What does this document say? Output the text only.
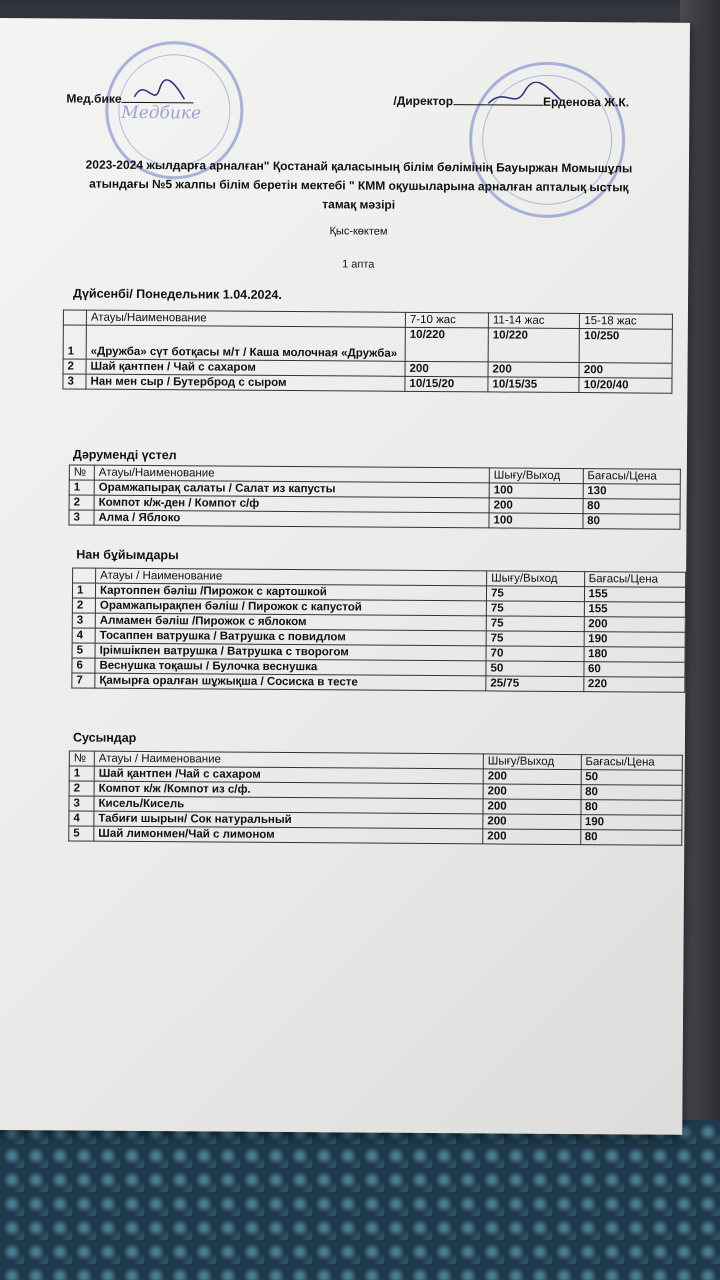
Медбике
Мед.бике	/Директор	Ерденова Ж.К.
2023-2024 жылдарға арналған" Қостанай қаласының білім бөлімінің Бауыржан Момышұлы атындағы №5 жалпы білім беретін мектебі " КММ оқушыларына арналған апталық ыстық тамақ мәзірі
Қыс-көктем
1 апта
Дүйсенбі/ Понедельник 1.04.2024.
	Атауы/Наименование	7-10 жас	11-14 жас	15-18 жас
1	«Дружба» сүт ботқасы м/т / Каша молочная «Дружба»	10/220	10/220	10/250
2	Шай қантпен / Чай с сахаром	200	200	200
3	Нан мен сыр / Бутерброд с сыром	10/15/20	10/15/35	10/20/40
Дәрумендi үстел
№	Атауы/Наименование	Шығу/Выход	Бағасы/Цена
1	Орамжапырақ салаты / Салат из капусты	100	130
2	Компот к/ж-ден / Компот с/ф	200	80
3	Алма / Яблоко	100	80
Нан бұйымдары
	Атауы / Наименование	Шығу/Выход	Бағасы/Цена
1	Картоппен бәліш /Пирожок с картошкой	75	155
2	Орамжапырақпен бәліш / Пирожок с капустой	75	155
3	Алмамен бәліш /Пирожок с яблоком	75	200
4	Тосаппен ватрушка / Ватрушка с повидлом	75	190
5	Ірімшікпен ватрушка / Ватрушка с творогом	70	180
6	Веснушка тоқашы / Булочка веснушка	50	60
7	Қамырға оралған шұжықша / Сосиска в тесте	25/75	220
Сусындар
№	Атауы / Наименование	Шығу/Выход	Бағасы/Цена
1	Шай қантпен /Чай с сахаром	200	50
2	Компот к/ж /Компот из с/ф.	200	80
3	Кисель/Кисель	200	80
4	Табиғи шырын/ Сок натуральный	200	190
5	Шай лимонмен/Чай с лимоном	200	80
